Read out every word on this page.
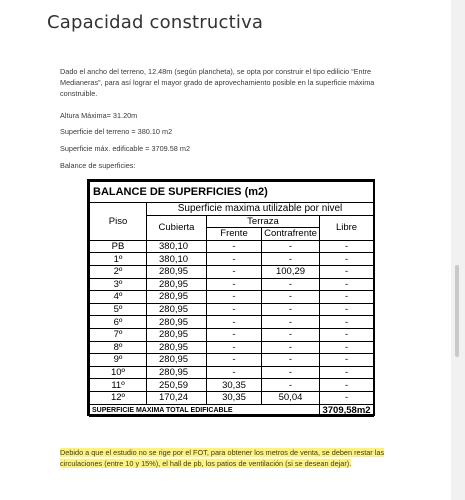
Capacidad constructiva
Dado el ancho del terreno, 12.48m (según plancheta), se opta por construir el tipo edilicio “Entre Medianeras”, para así lograr el mayor grado de aprovechamiento posible en la superficie máxima construible.
Altura Máxima= 31.20m
Superficie del terreno = 380.10 m2
Superficie máx. edificable = 3709.58 m2
Balance de superficies:
BALANCE DE SUPERFICIES (m2)				
Piso	Superficie maxima utilizable por nivel			
	Cubierta	Terraza		Libre
		Frente	Contrafrente	
PB	380,10	-	-	-
1º	380,10	-	-	-
2º	280,95	-	100,29	-
3º	280,95	-	-	-
4º	280,95	-	-	-
5º	280,95	-	-	-
6º	280,95	-	-	-
7º	280,95	-	-	-
8º	280,95	-	-	-
9º	280,95	-	-	-
10º	280,95	-	-	-
11º	250,59	30,35	-	-
12º	170,24	30,35	50,04	-
SUPERFICIE MAXIMA TOTAL EDIFICABLE				3709,58m2
Debido a que el estudio no se rige por el FOT, para obtener los metros de venta, se deben restar las circulaciones (entre 10 y 15%), el hall de pb, los patios de ventilación (si se desean dejar).
